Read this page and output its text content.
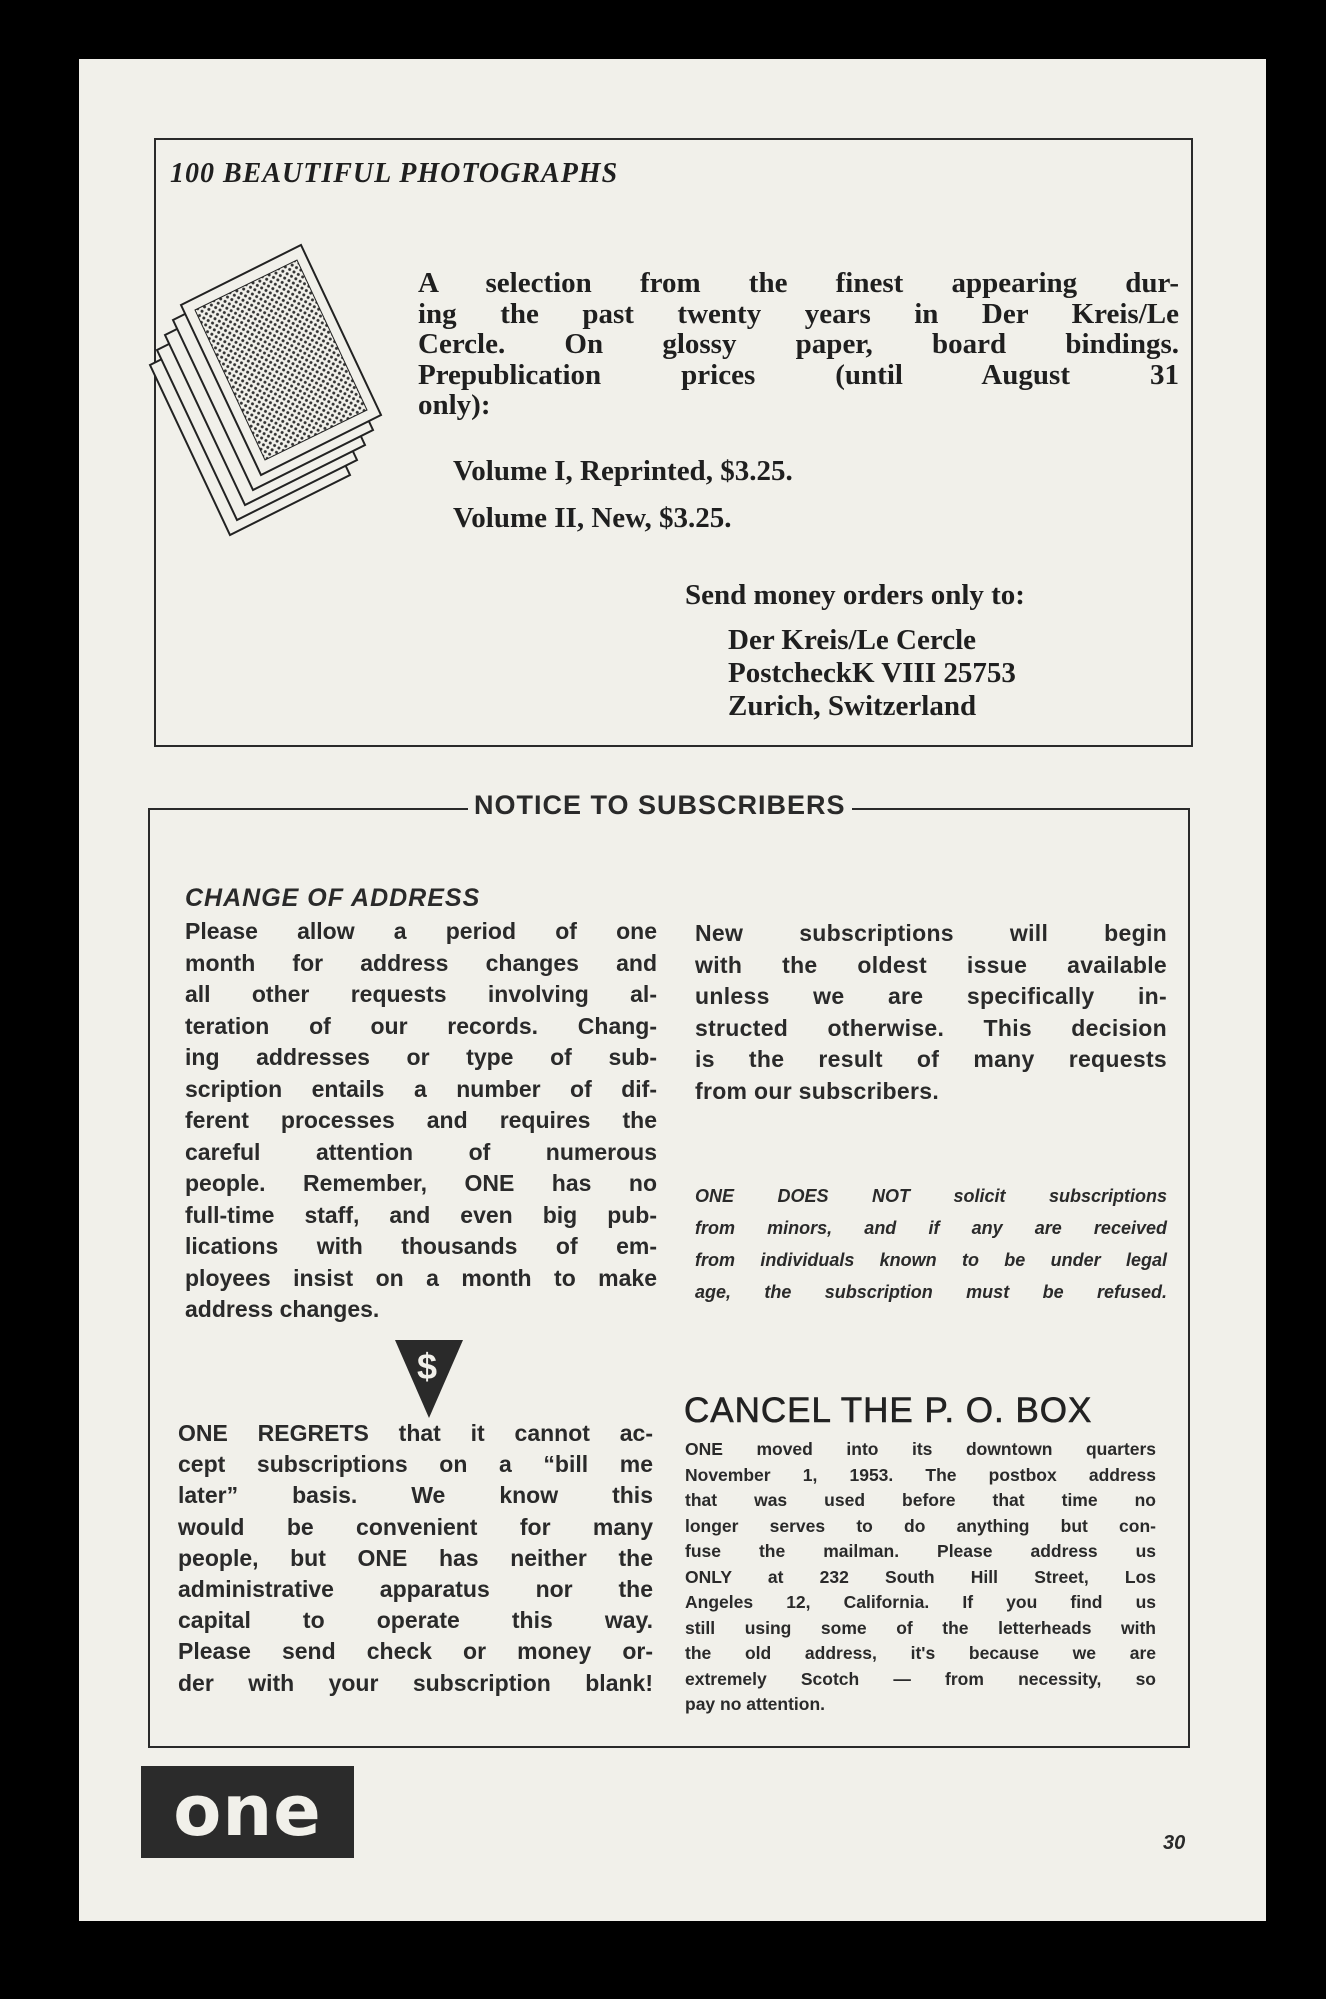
100 BEAUTIFUL PHOTOGRAPHS
A selection from the finest appearing dur-
ing the past twenty years in Der Kreis/Le
Cercle. On glossy paper, board bindings.
Prepublication prices (until August 31
only):
Volume I, Reprinted, $3.25.
Volume II, New, $3.25.
Send money orders only to:
Der Kreis/Le Cercle
PostcheckK VIII 25753
Zurich, Switzerland
NOTICE TO SUBSCRIBERS
CHANGE OF ADDRESS
Please allow a period of one
month for address changes and
all other requests involving al-
teration of our records. Chang-
ing addresses or type of sub-
scription entails a number of dif-
ferent processes and requires the
careful attention of numerous
people. Remember, ONE has no
full-time staff, and even big pub-
lications with thousands of em-
ployees insist on a month to make
address changes.
New subscriptions will begin
with the oldest issue available
unless we are specifically in-
structed otherwise. This decision
is the result of many requests
from our subscribers.
ONE DOES NOT solicit subscriptions
from minors, and if any are received
from individuals known to be under legal
age, the subscription must be refused.
$
ONE REGRETS that it cannot ac-
cept subscriptions on a “bill me
later” basis. We know this
would be convenient for many
people, but ONE has neither the
administrative apparatus nor the
capital to operate this way.
Please send check or money or-
der with your subscription blank!
CANCEL THE P. O. BOX
ONE moved into its downtown quarters
November 1, 1953. The postbox address
that was used before that time no
longer serves to do anything but con-
fuse the mailman. Please address us
ONLY at 232 South Hill Street, Los
Angeles 12, California. If you find us
still using some of the letterheads with
the old address, it's because we are
extremely Scotch — from necessity, so
pay no attention.
one	30
